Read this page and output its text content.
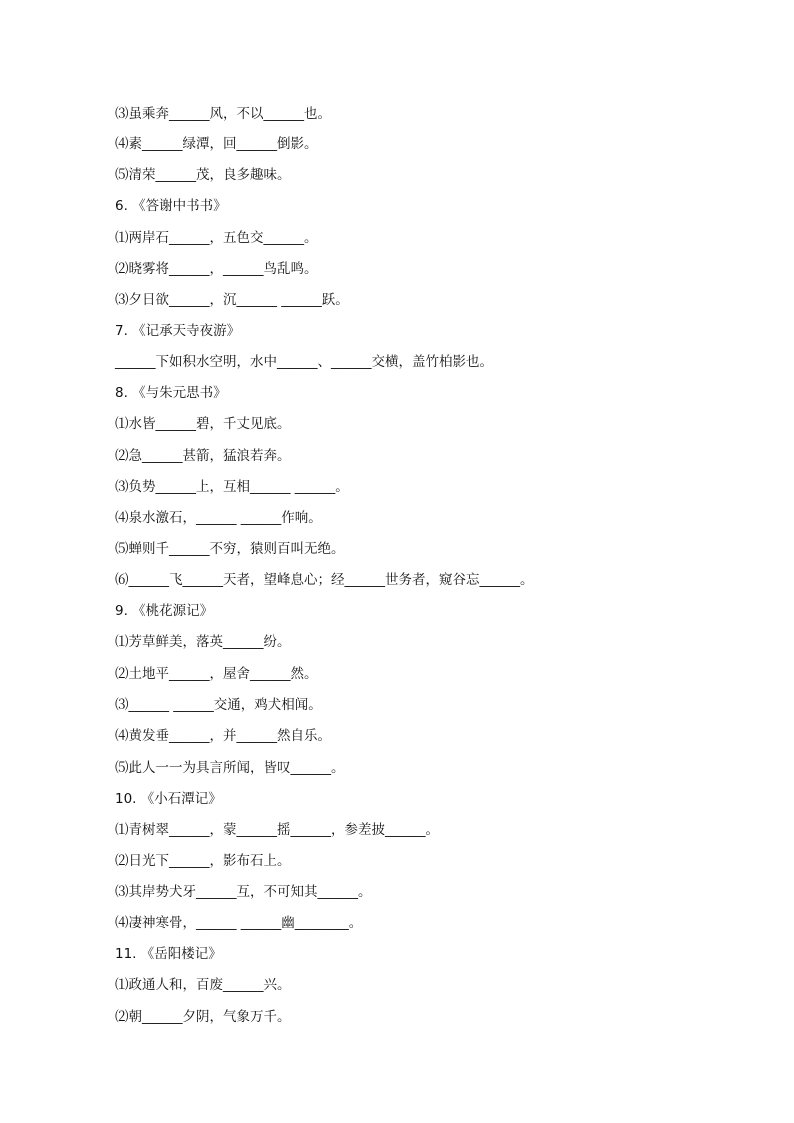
⑶虽乘奔______风，不以______也。
⑷素______绿潭，回______倒影。
⑸清荣______茂，良多趣味。
6. 《答谢中书书》
⑴两岸石______，五色交______。
⑵晓雾将______，______鸟乱鸣。
⑶夕日欲______，沉______ ______跃。
7. 《记承天寺夜游》
______下如积水空明，水中______、______交横，盖竹柏影也。
8. 《与朱元思书》
⑴水皆______碧，千丈见底。
⑵急______甚箭，猛浪若奔。
⑶负势______上，互相______ ______。
⑷泉水激石，______ ______作响。
⑸蝉则千______不穷，猿则百叫无绝。
⑹______飞______天者，望峰息心；经______世务者，窥谷忘______。
9. 《桃花源记》
⑴芳草鲜美，落英______纷。
⑵土地平______，屋舍______然。
⑶______ ______交通，鸡犬相闻。
⑷黄发垂______，并______然自乐。
⑸此人一一为具言所闻，皆叹______。
10. 《小石潭记》
⑴青树翠______，蒙______摇______，参差披______。
⑵日光下______，影布石上。
⑶其岸势犬牙______互，不可知其______。
⑷凄神寒骨，______ ______幽________。
11. 《岳阳楼记》
⑴政通人和，百废______兴。
⑵朝______夕阴，气象万千。
